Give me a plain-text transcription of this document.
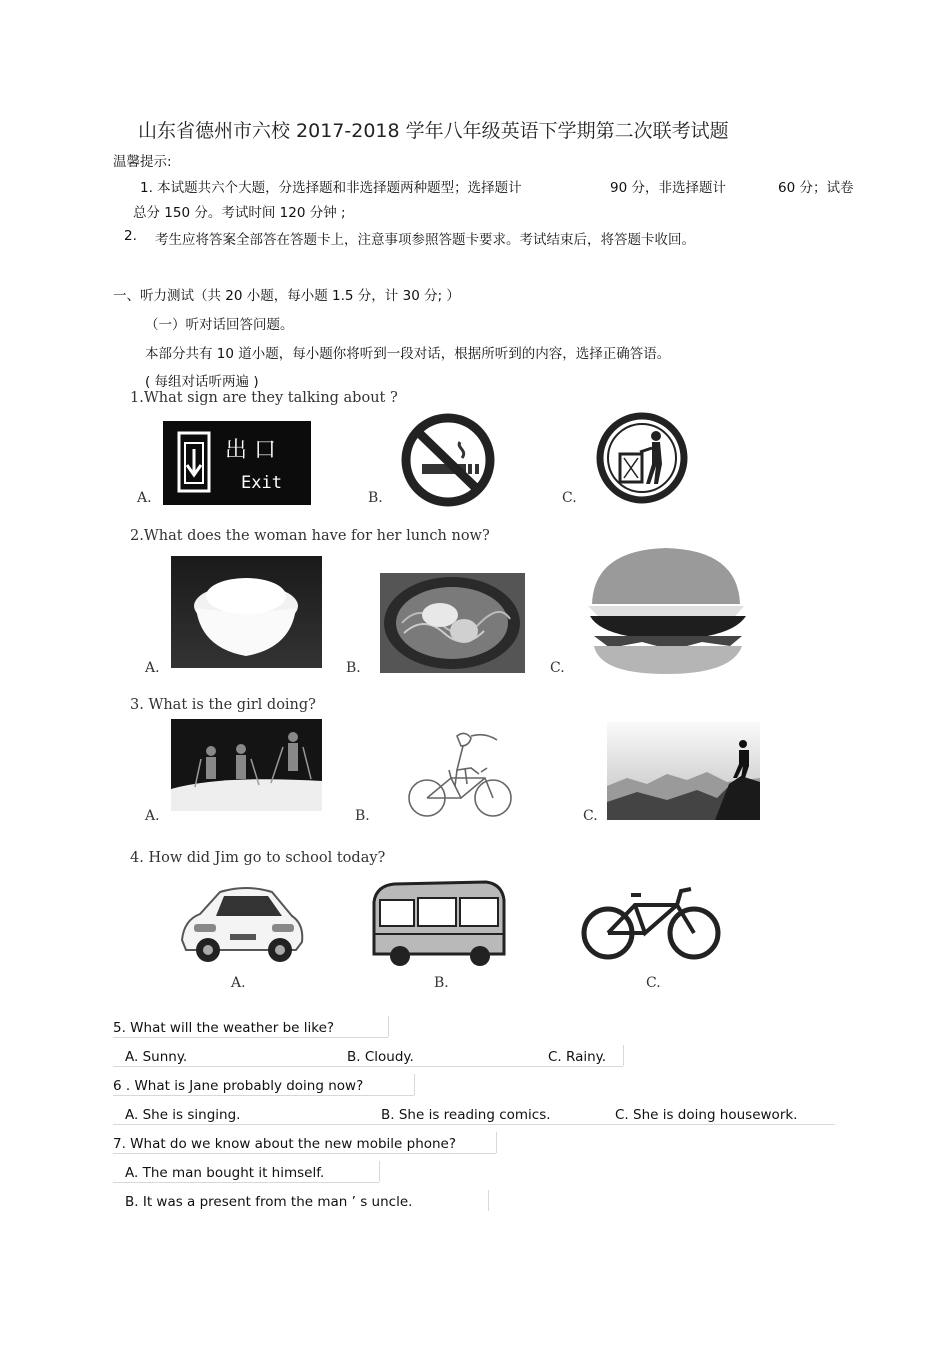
山东省德州市六校 2017-2018 学年八年级英语下学期第二次联考试题
温馨提示:
1. 本试题共六个大题，分选择题和非选择题两种题型；选择题计	90 分，非选择题计	60 分；试卷
总分 150 分。考试时间 120 分钟 ;
2. 考生应将答案全部答在答题卡上，注意事项参照答题卡要求。考试结束后，将答题卡收回。
一、听力测试（共 20 小题，每小题 1.5 分，计 30 分; ）
（一）听对话回答问题。
本部分共有 10 道小题，每小题你将听到一段对话，根据所听到的内容，选择正确答语。
( 每组对话听两遍 )
1.What sign are they talking about ?
出 口
Exit
A.	B.	C.
2.What does the woman have for her lunch now?
A.	B.	C.
3. What is the girl doing?
A.	B.	C.
4. How did Jim go to school today?
A.	B.	C.
5. What will the weather be like?
A. Sunny.	B. Cloudy.	C. Rainy.
6 . What is Jane probably doing now?
A. She is singing.	B. She is reading comics.	C. She is doing housework.
7. What do we know about the new mobile phone?
A. The man bought it himself.
B. It was a present from the man ’ s uncle.
